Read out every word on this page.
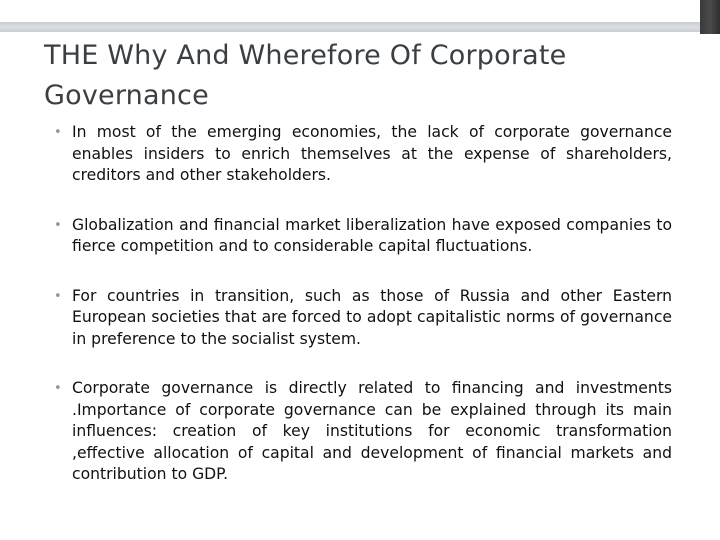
THE Why And Wherefore Of Corporate Governance
• In most of the emerging economies, the lack of corporate governance enables insiders to enrich themselves at the expense of shareholders, creditors and other stakeholders.
• Globalization and financial market liberalization have exposed companies to fierce competition and to considerable capital fluctuations.
• For countries in transition, such as those of Russia and other Eastern European societies that are forced to adopt capitalistic norms of governance in preference to the socialist system.
• Corporate governance is directly related to financing and investments .Importance of corporate governance can be explained through its main influences: creation of key institutions for economic transformation ,effective allocation of capital and development of financial markets and contribution to GDP.
